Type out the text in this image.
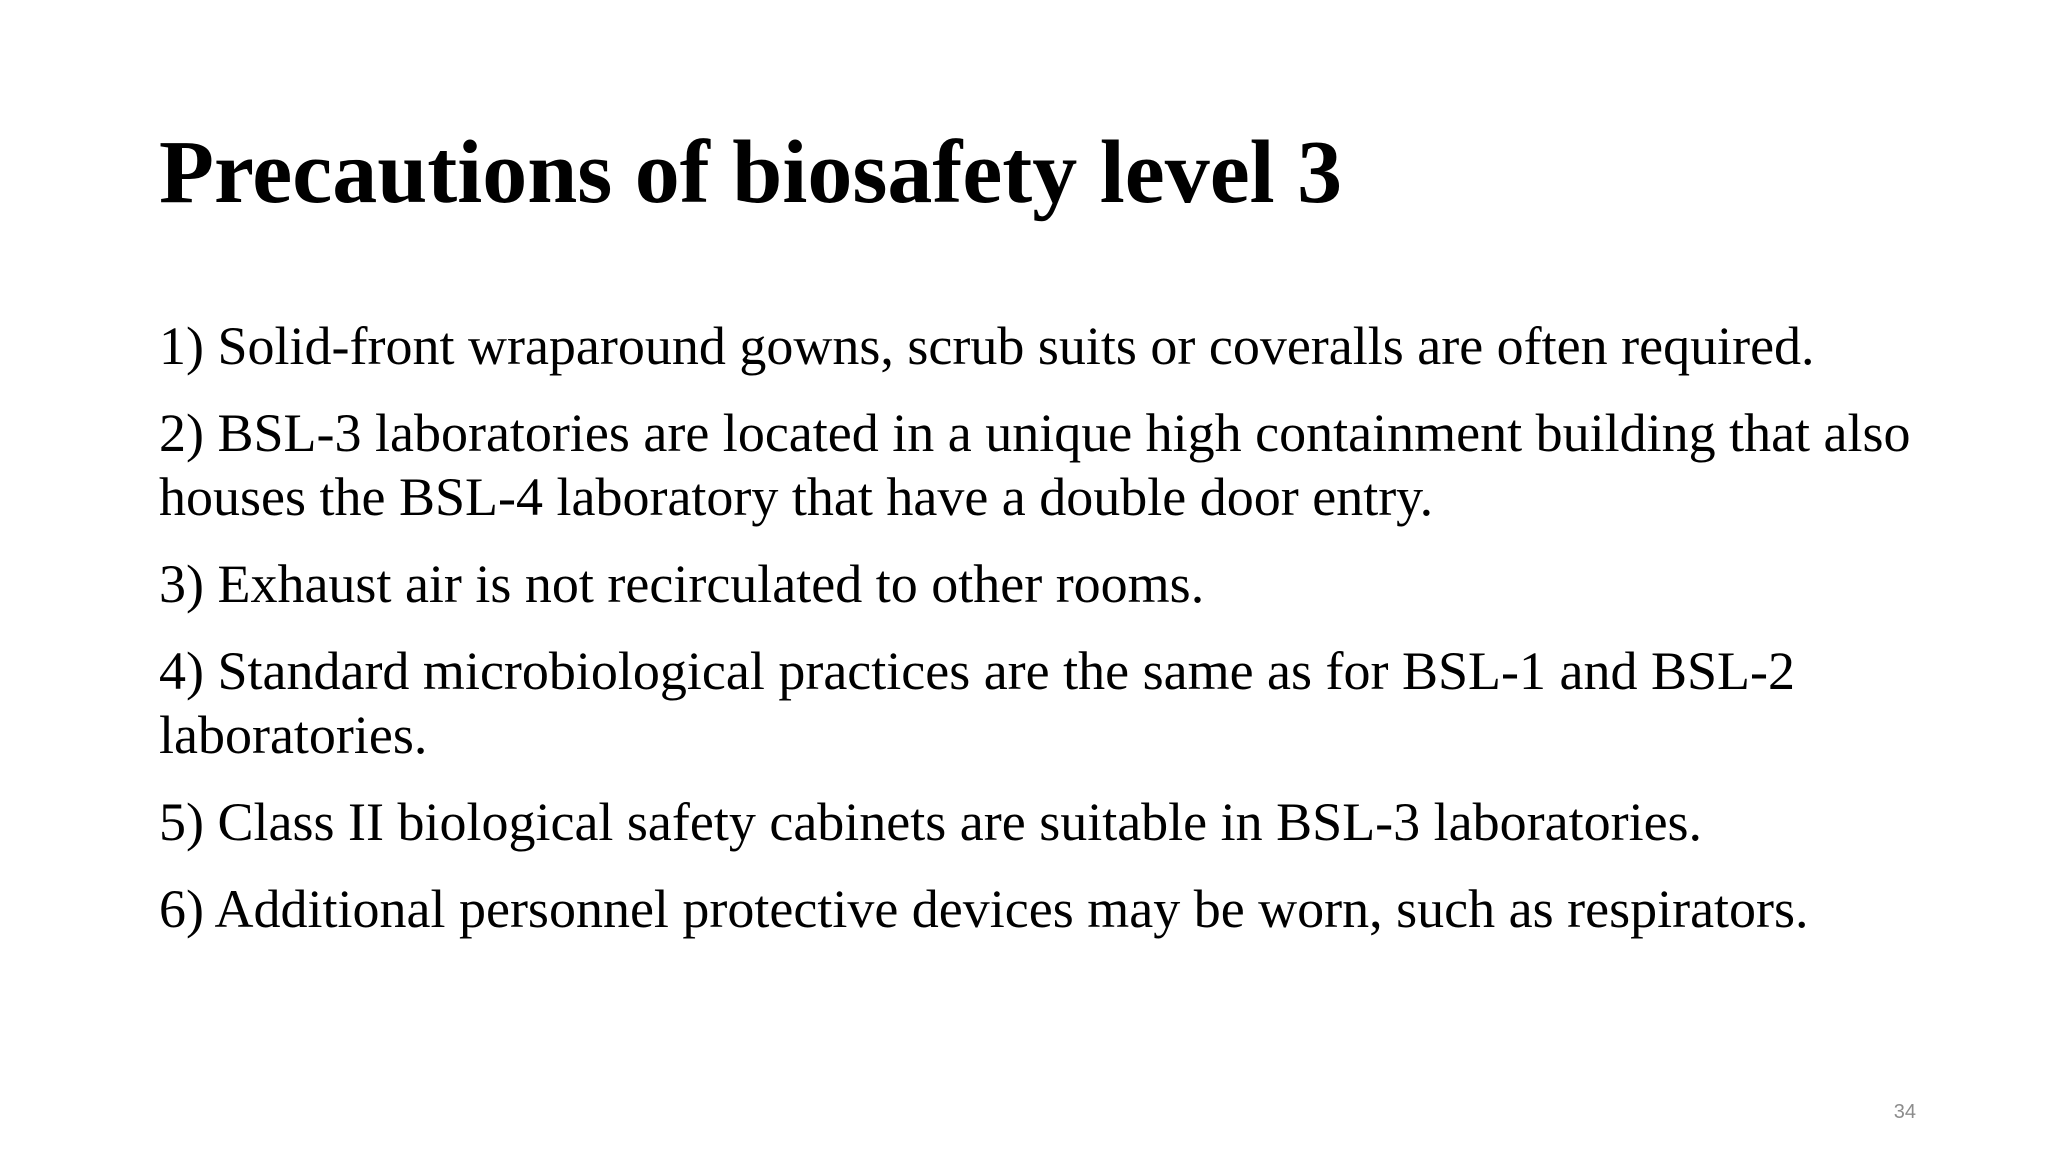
Precautions of biosafety level 3
1) Solid-front wraparound gowns, scrub suits or coveralls are often required.
2) BSL-3 laboratories are located in a unique high containment building that also houses the BSL-4 laboratory that have a double door entry.
3) Exhaust air is not recirculated to other rooms.
4) Standard microbiological practices are the same as for BSL-1 and BSL-2 laboratories.
5) Class II biological safety cabinets are suitable in BSL-3 laboratories.
6) Additional personnel protective devices may be worn, such as respirators.
34
